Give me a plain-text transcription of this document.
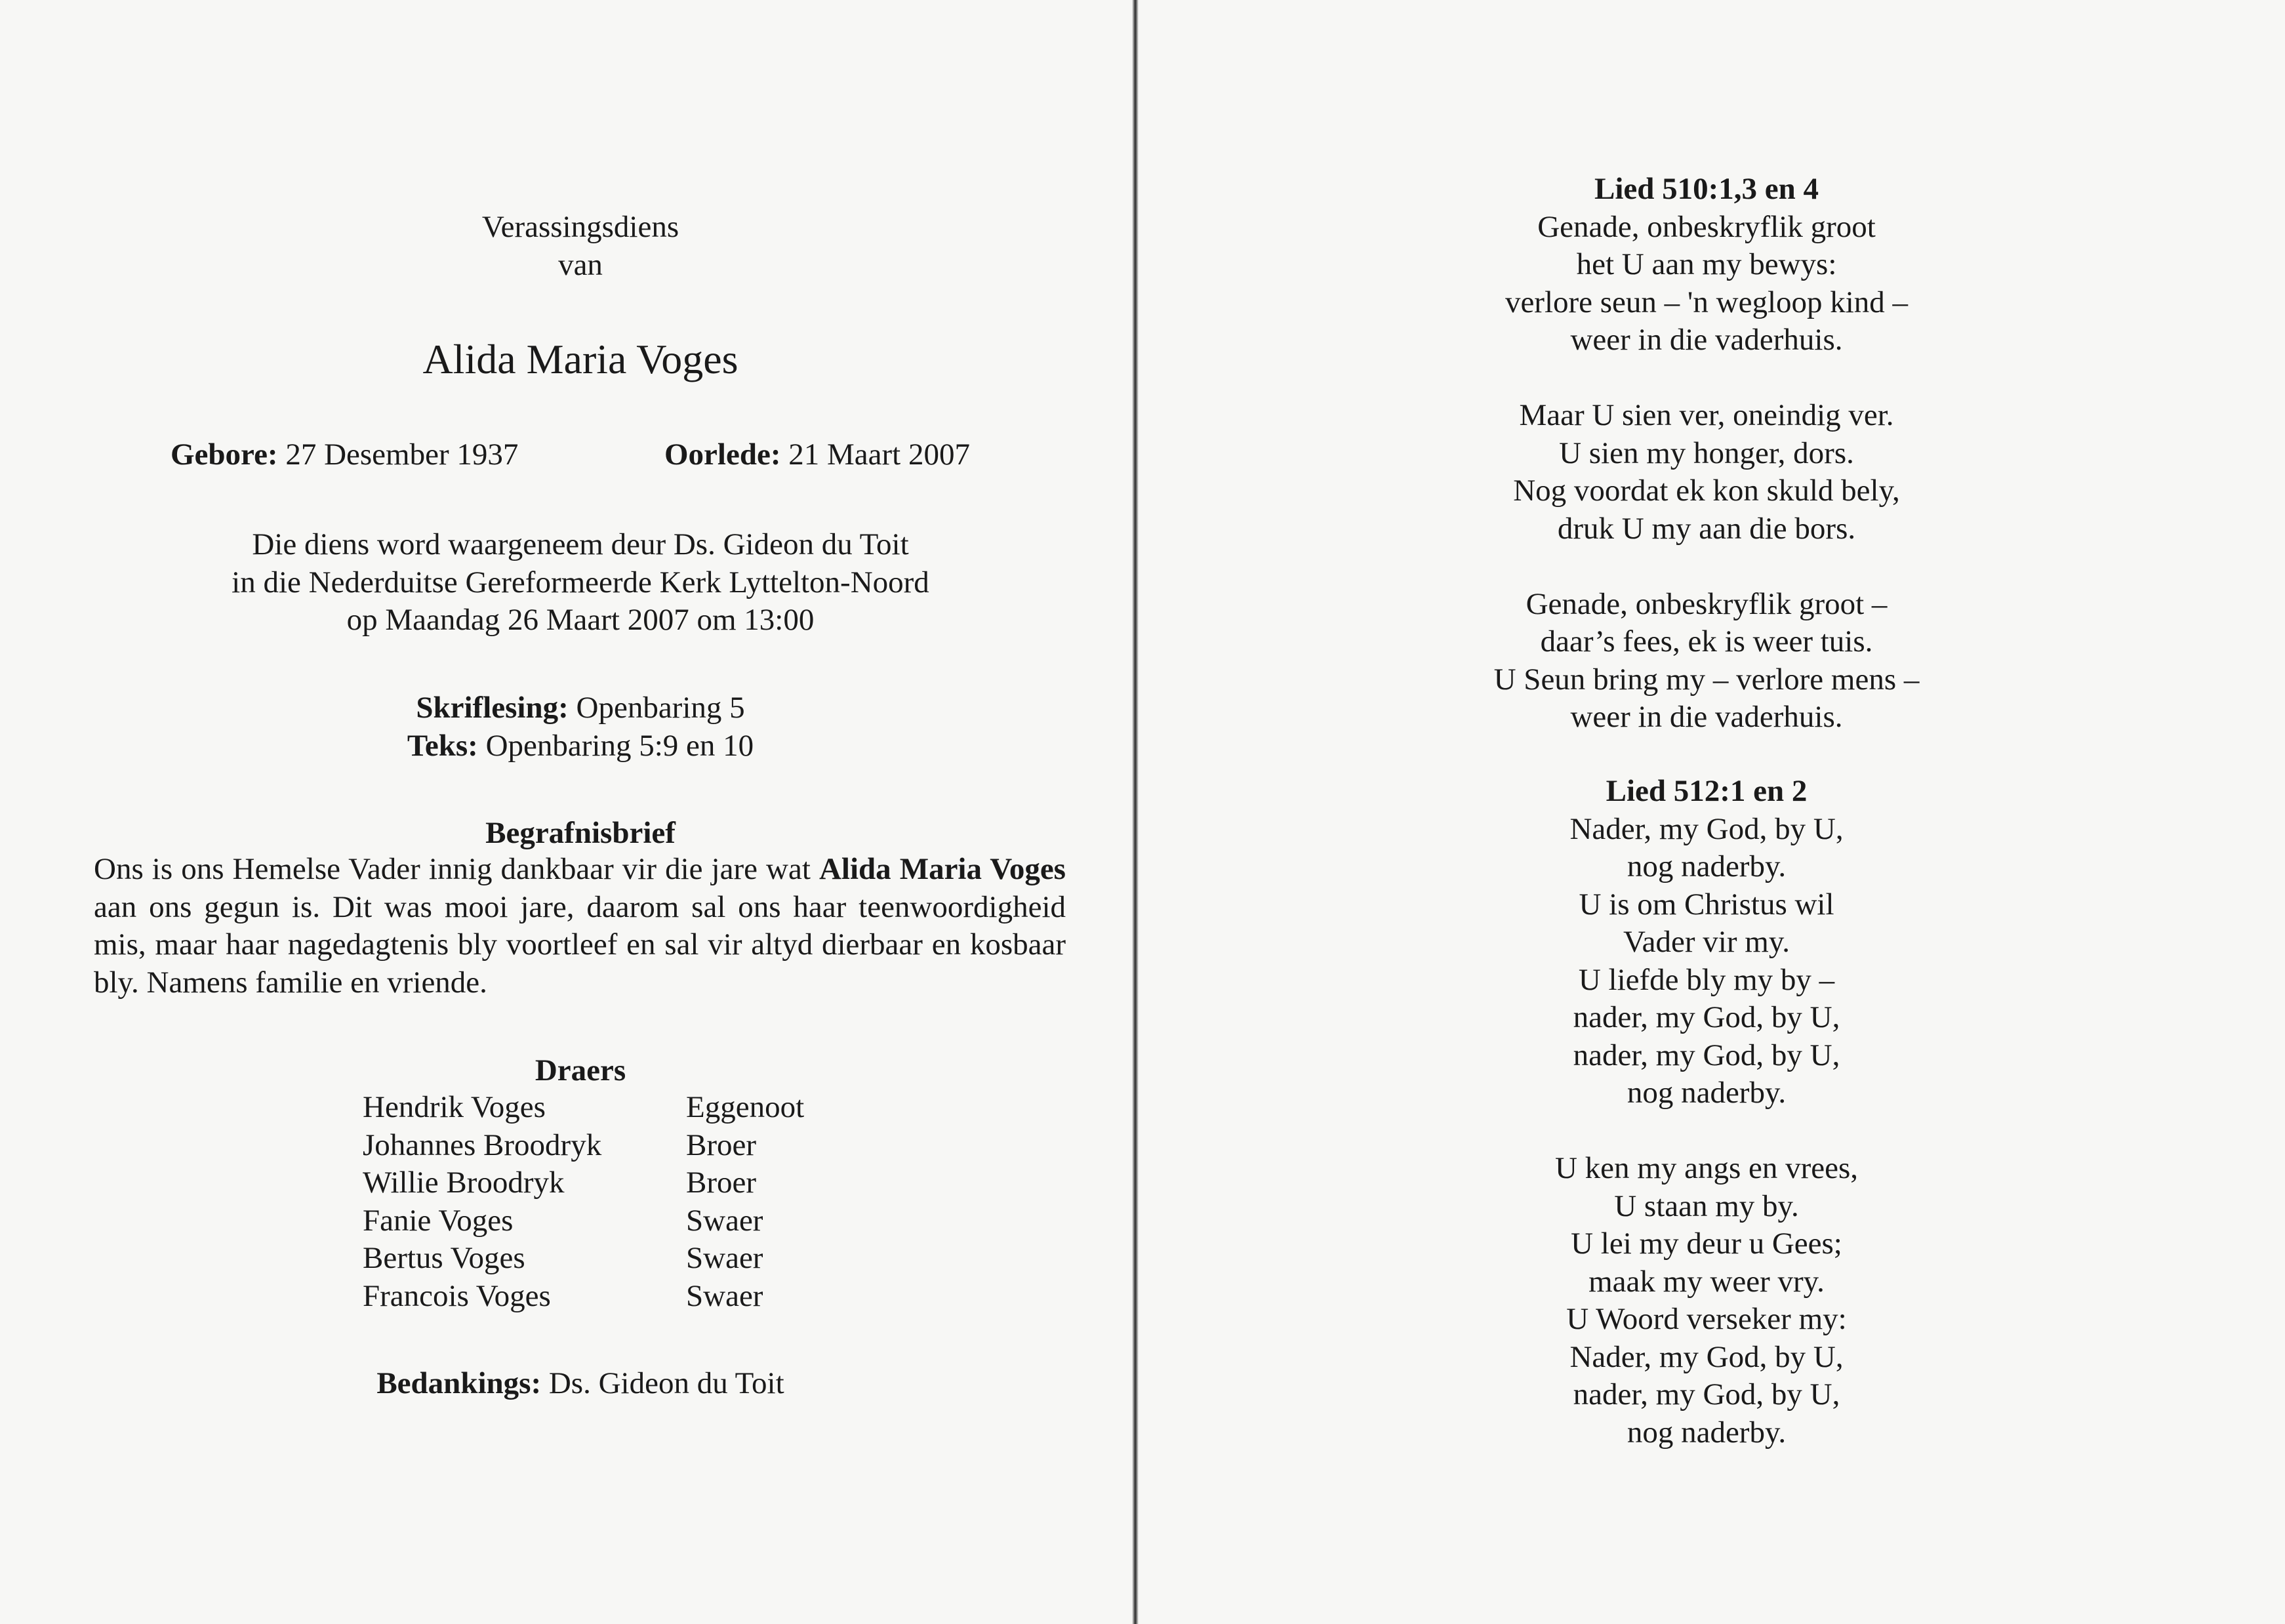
Verassingsdiens
van
Alida Maria Voges
Gebore: 27 Desember 1937	Oorlede: 21 Maart 2007
Die diens word waargeneem deur Ds. Gideon du Toit
in die Nederduitse Gereformeerde Kerk Lyttelton-Noord
op Maandag 26 Maart 2007 om 13:00
Skriflesing: Openbaring 5
Teks: Openbaring 5:9 en 10
Begrafnisbrief
Ons is ons Hemelse Vader innig dankbaar vir die jare wat Alida Maria Voges aan ons gegun is. Dit was mooi jare, daarom sal ons haar teenwoordigheid mis, maar haar nagedagtenis bly voortleef en sal vir altyd dierbaar en kosbaar bly. Namens familie en vriende.
Draers
Hendrik Voges	Eggenoot
Johannes Broodryk	Broer
Willie Broodryk	Broer
Fanie Voges	Swaer
Bertus Voges	Swaer
Francois Voges	Swaer
Bedankings: Ds. Gideon du Toit
Lied 510:1,3 en 4
Genade, onbeskryflik groot
het U aan my bewys:
verlore seun – 'n wegloop kind –
weer in die vaderhuis.
Maar U sien ver, oneindig ver.
U sien my honger, dors.
Nog voordat ek kon skuld bely,
druk U my aan die bors.
Genade, onbeskryflik groot –
daar’s fees, ek is weer tuis.
U Seun bring my – verlore mens –
weer in die vaderhuis.
Lied 512:1 en 2
Nader, my God, by U,
nog naderby.
U is om Christus wil
Vader vir my.
U liefde bly my by –
nader, my God, by U,
nader, my God, by U,
nog naderby.
U ken my angs en vrees,
U staan my by.
U lei my deur u Gees;
maak my weer vry.
U Woord verseker my:
Nader, my God, by U,
nader, my God, by U,
nog naderby.
